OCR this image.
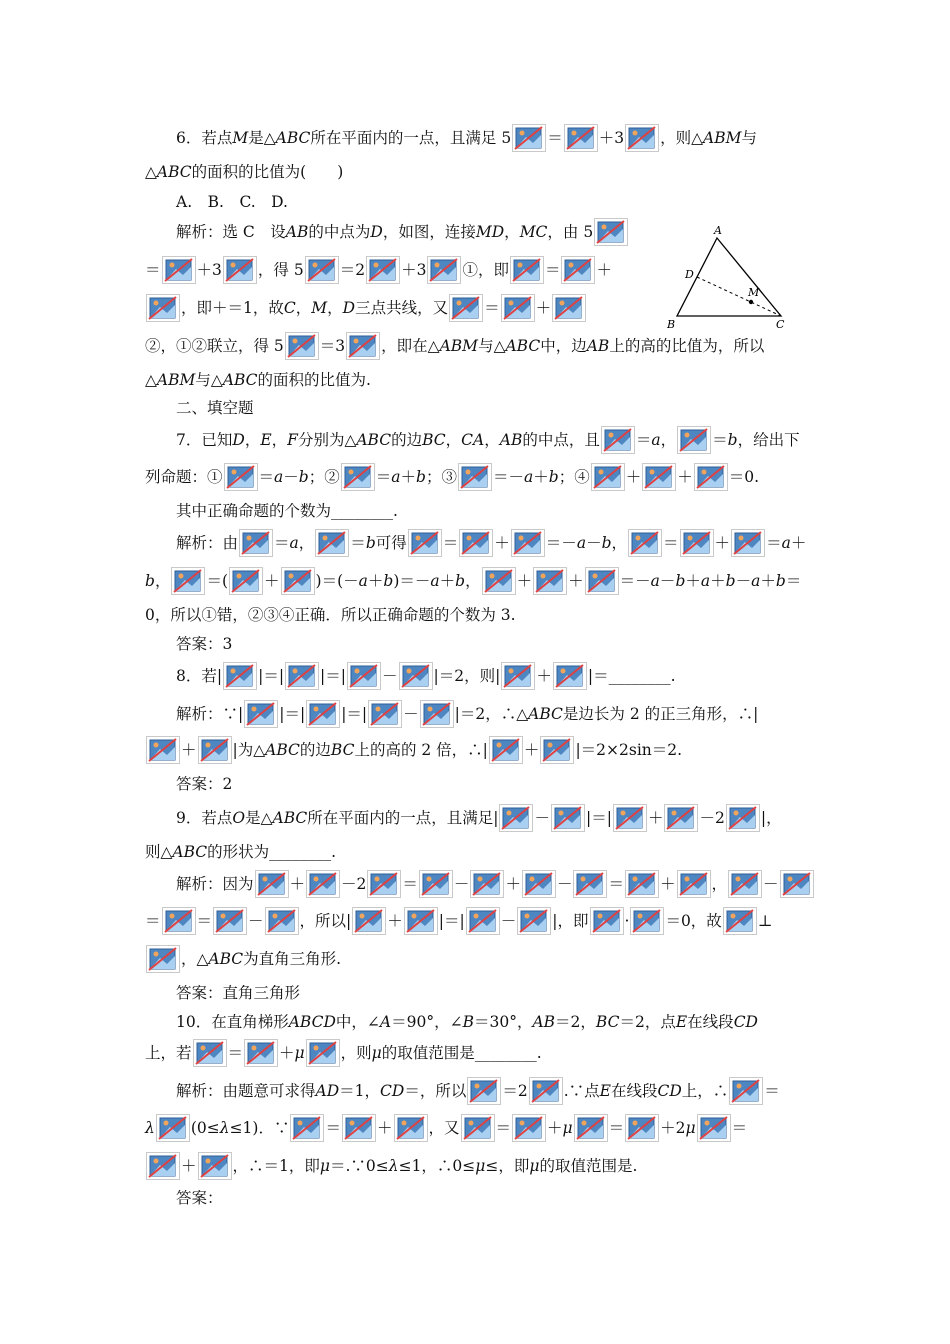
6．若点M是△ABC所在平面内的一点，且满足 5
＝
＋3
，则△ABM与
△ABC的面积的比值为(　　)
A.　B.　C.　D.
解析：选 C　设AB的中点为D，如图，连接MD，MC，由 5
＝
＋3
，得 5
＝2
＋3
①，即
＝
＋
，即＋＝1，故C，M，D三点共线，又
＝
＋
②，①②联立，得 5
＝3
，即在△ABM与△ABC中，边AB上的高的比值为，所以
△ABM与△ABC的面积的比值为.
二、填空题
7．已知D，E，F分别为△ABC的边BC，CA，AB的中点，且
＝a，
＝b，给出下
列命题：①
＝a－b；②
＝a＋b；③
＝－a＋b；④
＋
＋
＝0.
其中正确命题的个数为________.
解析：由
＝a，
＝b可得
＝
＋
＝－a－b，
＝
＋
＝a＋
b，
＝(
＋
)＝(－a＋b)＝－a＋b，
＋
＋
＝－a－b＋a＋b－a＋b＝
0，所以①错，②③④正确．所以正确命题的个数为 3.
答案：3
8．若|
|＝|
|＝|
－
|＝2，则|
＋
|＝________.
解析：∵|
|＝|
|＝|
－
|＝2，∴△ABC是边长为 2 的正三角形，∴|
＋
|为△ABC的边BC上的高的 2 倍，∴|
＋
|＝2×2sin＝2.
答案：2
9．若点O是△ABC所在平面内的一点，且满足|
－
|＝|
＋
－2
|，
则△ABC的形状为________.
解析：因为
＋
－2
＝
－
＋
－
＝
＋
，
－
＝
＝
－
，所以|
＋
|＝|
－
|，即
·
＝0，故
⊥
，△ABC为直角三角形.
答案：直角三角形
10．在直角梯形ABCD中，∠A＝90°，∠B＝30°，AB＝2，BC＝2，点E在线段CD
上，若
＝
＋μ
，则μ的取值范围是________.
解析：由题意可求得AD＝1，CD＝，所以
＝2
.∵点E在线段CD上，∴
＝
λ
(0≤λ≤1)．∵
＝
＋
，又
＝
＋μ
＝
＋2μ
＝
＋
，∴＝1，即μ＝.∵0≤λ≤1，∴0≤μ≤，即μ的取值范围是.
答案：
A
B	C
D
M
